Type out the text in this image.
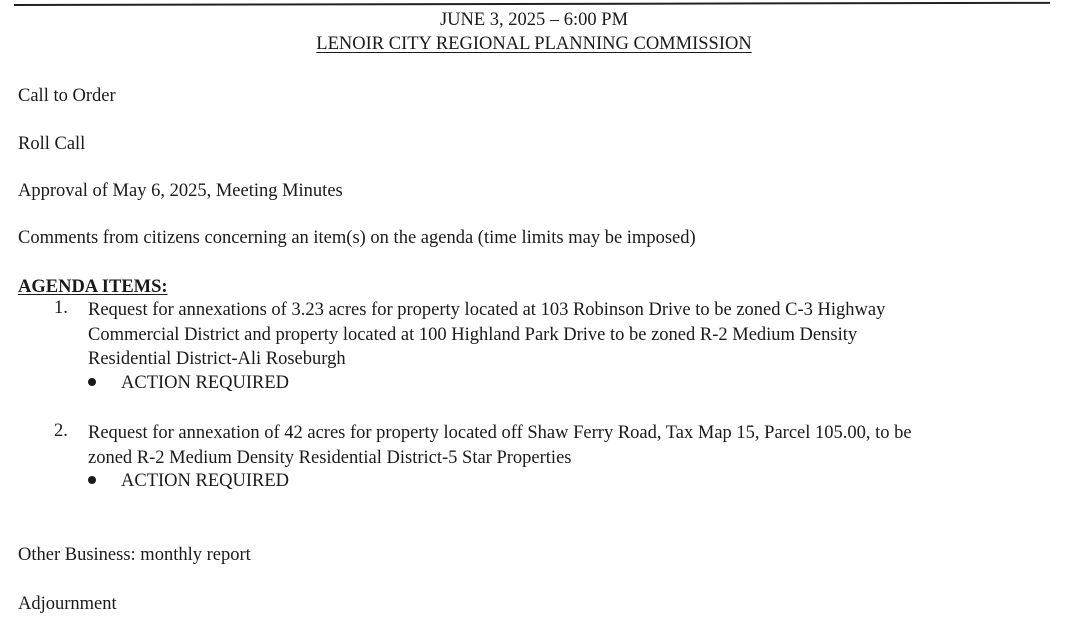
JUNE 3, 2025 – 6:00 PM
LENOIR CITY REGIONAL PLANNING COMMISSION
Call to Order
Roll Call
Approval of May 6, 2025, Meeting Minutes
Comments from citizens concerning an item(s) on the agenda (time limits may be imposed)
AGENDA ITEMS:
1. Request for annexations of 3.23 acres for property located at 103 Robinson Drive to be zoned C-3 Highway
Commercial District and property located at 100 Highland Park Drive to be zoned R-2 Medium Density
Residential District-Ali Roseburgh
ACTION REQUIRED
2. Request for annexation of 42 acres for property located off Shaw Ferry Road, Tax Map 15, Parcel 105.00, to be
zoned R-2 Medium Density Residential District-5 Star Properties
ACTION REQUIRED
Other Business: monthly report
Adjournment
